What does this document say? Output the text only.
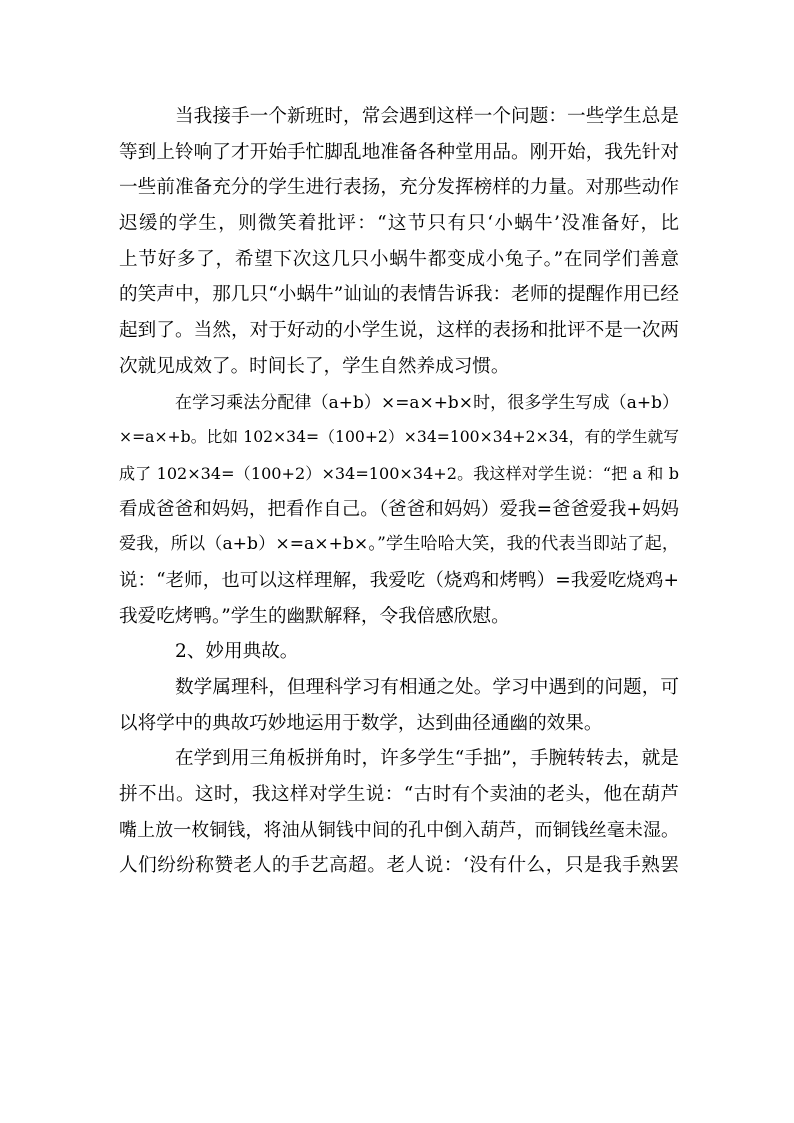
当我接手一个新班时，常会遇到这样一个问题：一些学生总是
等到上铃响了才开始手忙脚乱地准备各种堂用品。刚开始，我先针对
一些前准备充分的学生进行表扬，充分发挥榜样的力量。对那些动作
迟缓的学生，则微笑着批评：“这节只有只‘小蜗牛’没准备好，比
上节好多了，希望下次这几只小蜗牛都变成小兔子。”在同学们善意
的笑声中，那几只“小蜗牛”讪讪的表情告诉我：老师的提醒作用已经
起到了。当然，对于好动的小学生说，这样的表扬和批评不是一次两
次就见成效了。时间长了，学生自然养成习惯。
在学习乘法分配律（a+b）×=a×+b×时，很多学生写成（a+b）
×=a×+b。比如 102×34=（100+2）×34=100×34+2×34，有的学生就写
成了 102×34=（100+2）×34=100×34+2。我这样对学生说：“把 a 和 b
看成爸爸和妈妈，把看作自己。（爸爸和妈妈）爱我=爸爸爱我+妈妈
爱我，所以（a+b）×=a×+b×。”学生哈哈大笑，我的代表当即站了起，
说：“老师，也可以这样理解，我爱吃（烧鸡和烤鸭）=我爱吃烧鸡+
我爱吃烤鸭。”学生的幽默解释，令我倍感欣慰。
2、妙用典故。
数学属理科，但理科学习有相通之处。学习中遇到的问题，可
以将学中的典故巧妙地运用于数学，达到曲径通幽的效果。
在学到用三角板拼角时，许多学生“手拙”，手腕转转去，就是
拼不出。这时，我这样对学生说：“古时有个卖油的老头，他在葫芦
嘴上放一枚铜钱，将油从铜钱中间的孔中倒入葫芦，而铜钱丝毫未湿。
人们纷纷称赞老人的手艺高超。老人说：‘没有什么，只是我手熟罢
